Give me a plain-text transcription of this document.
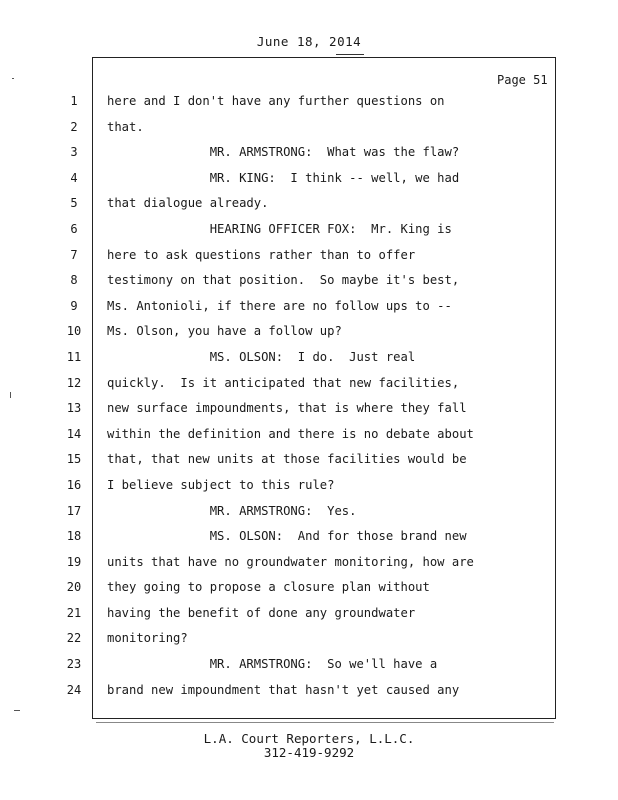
June 18, 2014
Page 51
1	here and I don't have any further questions on
2	that.
3	MR. ARMSTRONG:  What was the flaw?
4	MR. KING:  I think -- well, we had
5	that dialogue already.
6	HEARING OFFICER FOX:  Mr. King is
7	here to ask questions rather than to offer
8	testimony on that position.  So maybe it's best,
9	Ms. Antonioli, if there are no follow ups to --
10	Ms. Olson, you have a follow up?
11	MS. OLSON:  I do.  Just real
12	quickly.  Is it anticipated that new facilities,
13	new surface impoundments, that is where they fall
14	within the definition and there is no debate about
15	that, that new units at those facilities would be
16	I believe subject to this rule?
17	MR. ARMSTRONG:  Yes.
18	MS. OLSON:  And for those brand new
19	units that have no groundwater monitoring, how are
20	they going to propose a closure plan without
21	having the benefit of done any groundwater
22	monitoring?
23	MR. ARMSTRONG:  So we'll have a
24	brand new impoundment that hasn't yet caused any
L.A. Court Reporters, L.L.C.
312-419-9292
